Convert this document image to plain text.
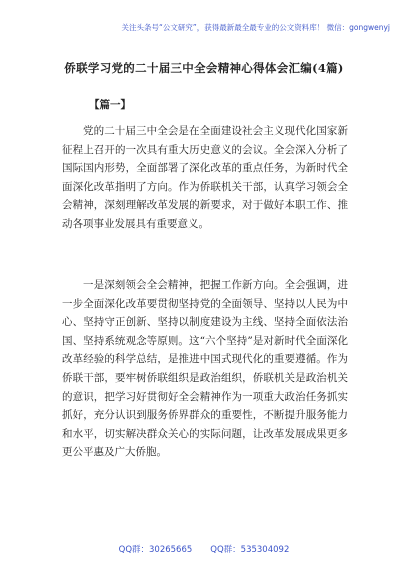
关注头条号“公文研究”，获得最新最全最专业的公文资料库！ 微信：gongwenyj
侨联学习党的二十届三中全会精神心得体会汇编(4篇)
【篇一】

党的二十届三中全会是在全面建设社会主义现代化国家新征程上召开的一次具有重大历史意义的会议。全会深入分析了国际国内形势，全面部署了深化改革的重点任务，为新时代全面深化改革指明了方向。作为侨联机关干部，认真学习领会全会精神，深刻理解改革发展的新要求，对于做好本职工作、推动各项事业发展具有重要意义。

一是深刻领会全会精神，把握工作新方向。全会强调，进一步全面深化改革要贯彻坚持党的全面领导、坚持以人民为中心、坚持守正创新、坚持以制度建设为主线、坚持全面依法治国、坚持系统观念等原则。这“六个坚持”是对新时代全面深化改革经验的科学总结，是推进中国式现代化的重要遵循。作为侨联干部，要牢树侨联组织是政治组织，侨联机关是政治机关的意识，把学习好贯彻好全会精神作为一项重大政治任务抓实抓好，充分认识到服务侨界群众的重要性，不断提升服务能力和水平，切实解决群众关心的实际问题，让改革发展成果更多更公平惠及广大侨胞。

QQ群：30265665 QQ群：535304092
